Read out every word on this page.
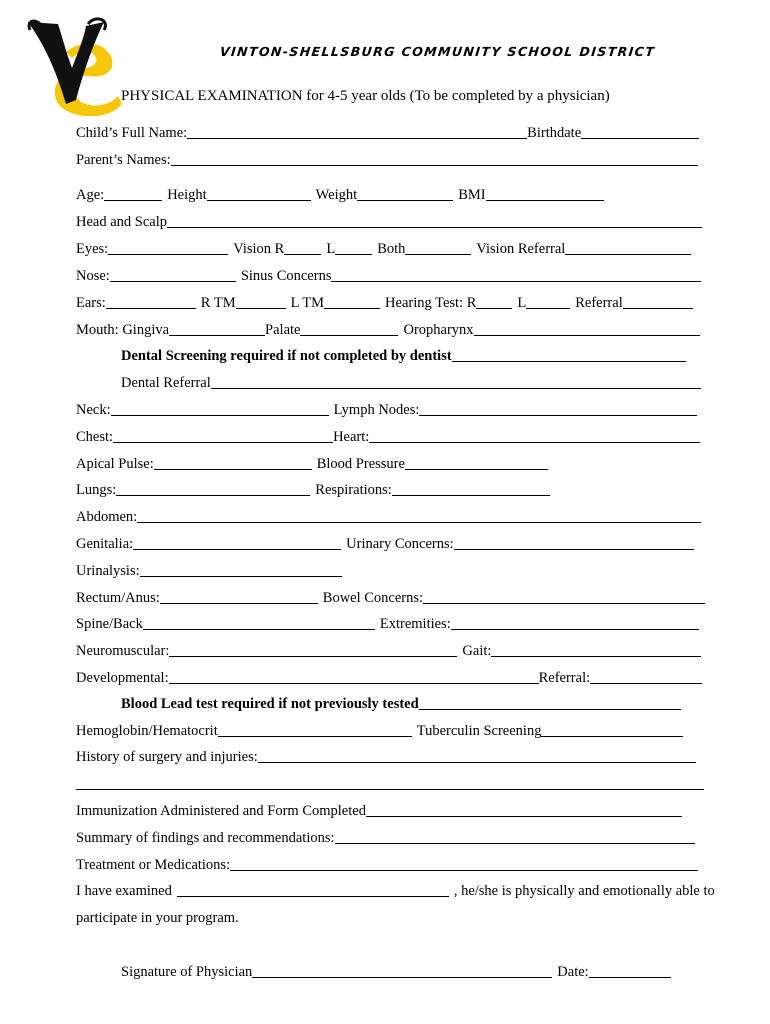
VINTON-SHELLSBURG COMMUNITY SCHOOL DISTRICT
PHYSICAL EXAMINATION for 4-5 year olds (To be completed by a physician)
Child’s Full Name:	Birthdate
Parent’s Names:
Age:	Height	Weight	BMI
Head and Scalp
Eyes:	Vision R	L	Both	Vision Referral
Nose:	Sinus Concerns
Ears:	R TM	L TM	Hearing Test: R	L	Referral
Mouth: Gingiva	Palate	Oropharynx
Dental Screening required if not completed by dentist
Dental Referral
Neck:	Lymph Nodes:
Chest:	Heart:
Apical Pulse:	Blood Pressure
Lungs:	Respirations:
Abdomen:
Genitalia:	Urinary Concerns:
Urinalysis:
Rectum/Anus:	Bowel Concerns:
Spine/Back	Extremities:
Neuromuscular:	Gait:
Developmental:	Referral:
Blood Lead test required if not previously tested
Hemoglobin/Hematocrit	Tuberculin Screening
History of surgery and injuries:
Immunization Administered and Form Completed
Summary of findings and recommendations:
Treatment or Medications:
I have examined	, he/she is physically and emotionally able to
participate in your program.
Signature of Physician	Date:
